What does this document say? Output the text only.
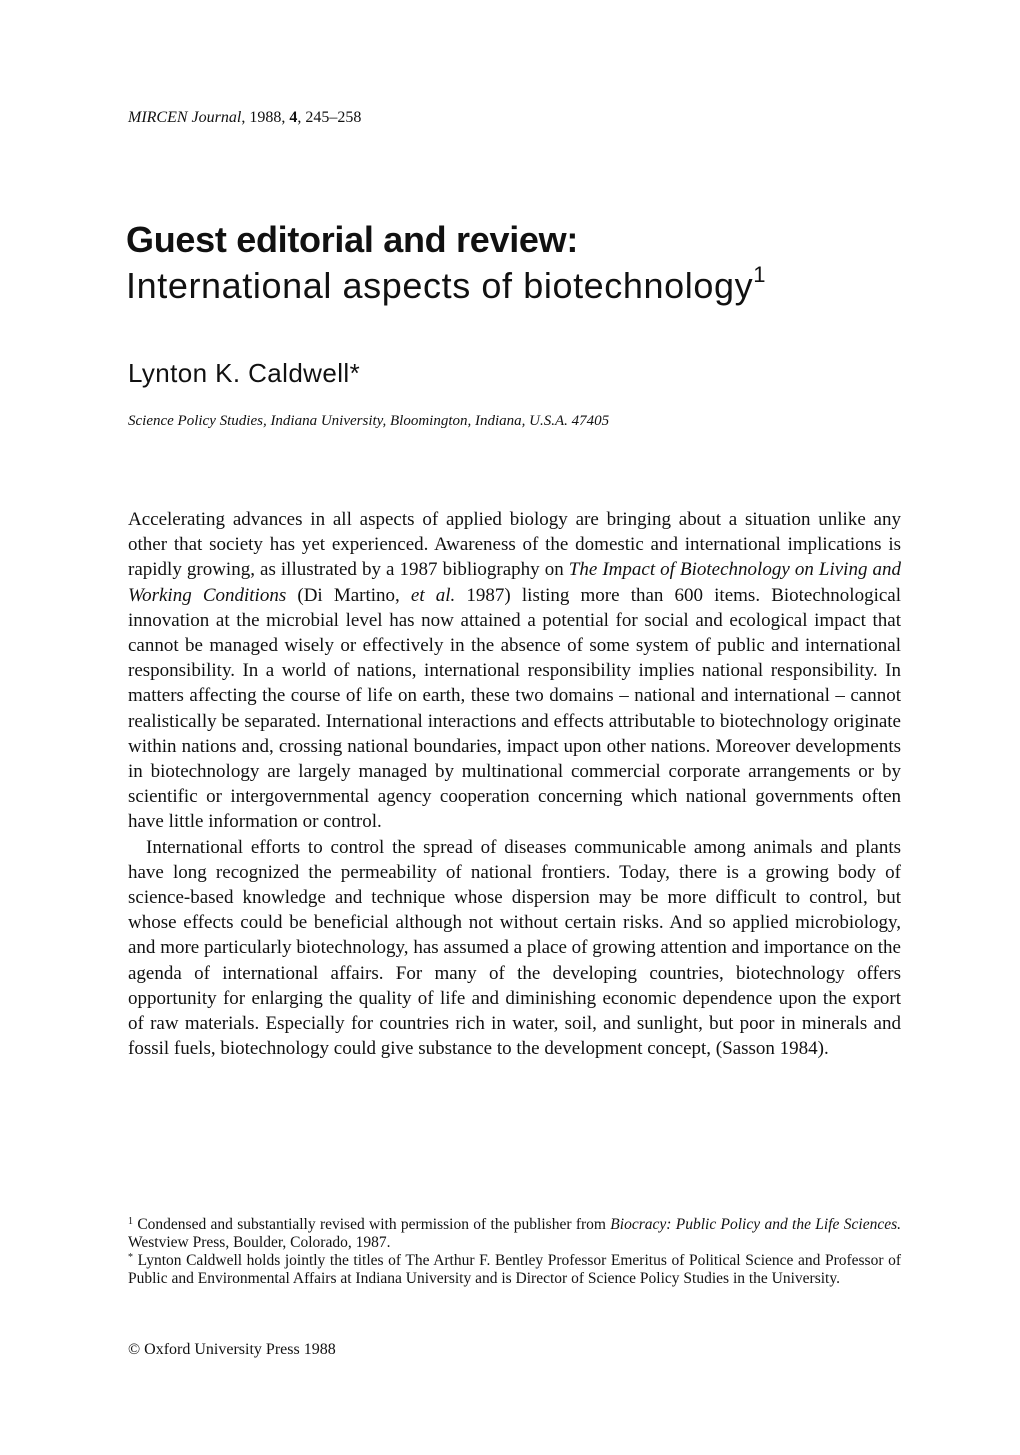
MIRCEN Journal, 1988, 4, 245–258
Guest editorial and review:
International aspects of biotechnology$^1$
Lynton K. Caldwell*
Science Policy Studies, Indiana University, Bloomington, Indiana, U.S.A. 47405

Accelerating advances in all aspects of applied biology are bringing about a situation unlike any other that society has yet experienced. Awareness of the domestic and international implications is rapidly growing, as illustrated by a 1987 bibliography on The Impact of Biotechnology on Living and Working Conditions (Di Martino, et al. 1987) listing more than 600 items. Biotechnological innovation at the microbial level has now attained a potential for social and ecological impact that cannot be managed wisely or effectively in the absence of some system of public and international responsibility. In a world of nations, international responsibility implies national responsibility. In matters affecting the course of life on earth, these two domains – national and international – cannot realistically be separated. International interactions and effects attributable to biotechnology originate within nations and, crossing national boundaries, impact upon other nations. Moreover developments in biotechnology are largely managed by multinational commercial corporate arrangements or by scientific or intergovernmental agency cooperation concerning which national governments often have little information or control.

International efforts to control the spread of diseases communicable among animals and plants have long recognized the permeability of national frontiers. Today, there is a growing body of science-based knowledge and technique whose dispersion may be more difficult to control, but whose effects could be beneficial although not without certain risks. And so applied microbiology, and more particularly biotechnology, has assumed a place of growing attention and importance on the agenda of international affairs. For many of the developing countries, biotechnology offers opportunity for enlarging the quality of life and diminishing economic dependence upon the export of raw materials. Especially for countries rich in water, soil, and sunlight, but poor in minerals and fossil fuels, biotechnology could give substance to the development concept, (Sasson 1984).

$^1$ Condensed and substantially revised with permission of the publisher from Biocracy: Public Policy and the Life Sciences. Westview Press, Boulder, Colorado, 1987.

* Lynton Caldwell holds jointly the titles of The Arthur F. Bentley Professor Emeritus of Political Science and Professor of Public and Environmental Affairs at Indiana University and is Director of Science Policy Studies in the University.

© Oxford University Press 1988
